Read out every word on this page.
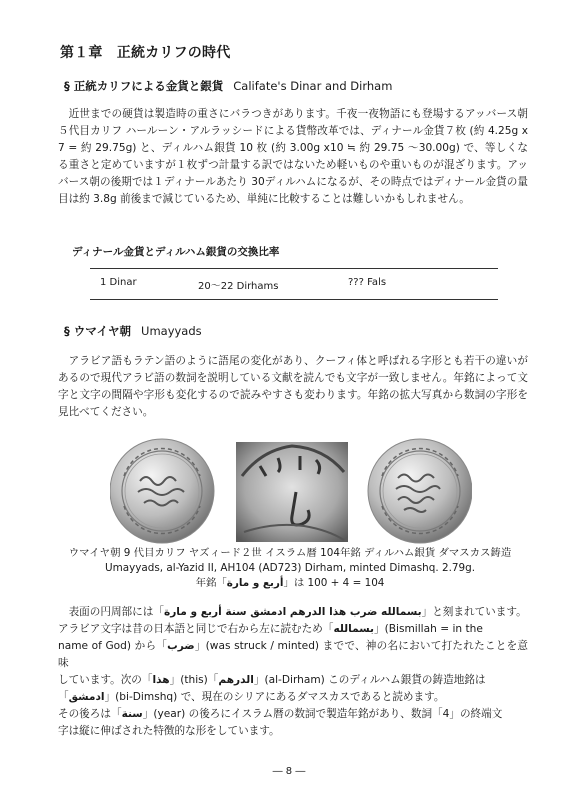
第１章　正統カリフの時代
§ 正統カリフによる金貨と銀貨 Califate's Dinar and Dirham

近世までの硬貨は製造時の重さにバラつきがあります。千夜一夜物語にも登場するアッバース朝５代目カリフ ハールーン・アルラッシードによる貨幣改革では、ディナール金貨７枚 (約 4.25g x 7 = 約 29.75g) と、ディルハム銀貨 10 枚 (約 3.00g x10 ≒ 約 29.75 ～30.00g) で、等しくなる重さと定めていますが１枚ずつ計量する訳ではないため軽いものや重いものが混ざります。アッバース朝の後期では１ディナールあたり 30ディルハムになるが、その時点ではディナール金貨の量目は約 3.8g 前後まで減じているため、単純に比較することは難しいかもしれません。

ディナール金貨とディルハム銀貨の交換比率
1 Dinar	20～22 Dirhams	??? Fals
§ ウマイヤ朝 Umayyads

アラビア語もラテン語のように語尾の変化があり、クーフィ体と呼ばれる字形とも若干の違いがあるので現代アラビ語の数詞を説明している文献を読んでも文字が一致しません。年銘によって文字と文字の間隔や字形も変化するので読みやすさも変わります。年銘の拡大写真から数詞の字形を見比べてください。

ウマイヤ朝 9 代目カリフ ヤズィード２世 イスラム暦 104年銘 ディルハム銀貨 ダマスカス鋳造
Umayyads, al-Yazid II, AH104 (AD723) Dirham, minted Dimashq. 2.79g.
年銘「أربع و مارة」は 100 + 4 = 104
表面の円周部には「بسمالله ضرب هذا الدرهم ادمشق سنة أربع و مارة」と刻まれています。
アラビア文字は昔の日本語と同じで右から左に読むため「بسمالله」(Bismillah = in the
name of God) から「ضرب」(was struck / minted) までで、神の名において打たれたことを意味
しています。次の「هذا」(this)「الدرهم」(al-Dirham) このディルハム銀貨の鋳造地銘は
「ادمشق」(bi-Dimshq) で、現在のシリアにあるダマスカスであると読めます。
その後ろは「سنة」(year) の後ろにイスラム暦の数詞で製造年銘があり、数詞「4」の終端文
字は縦に伸ばされた特徴的な形をしています。
― 8 ―
